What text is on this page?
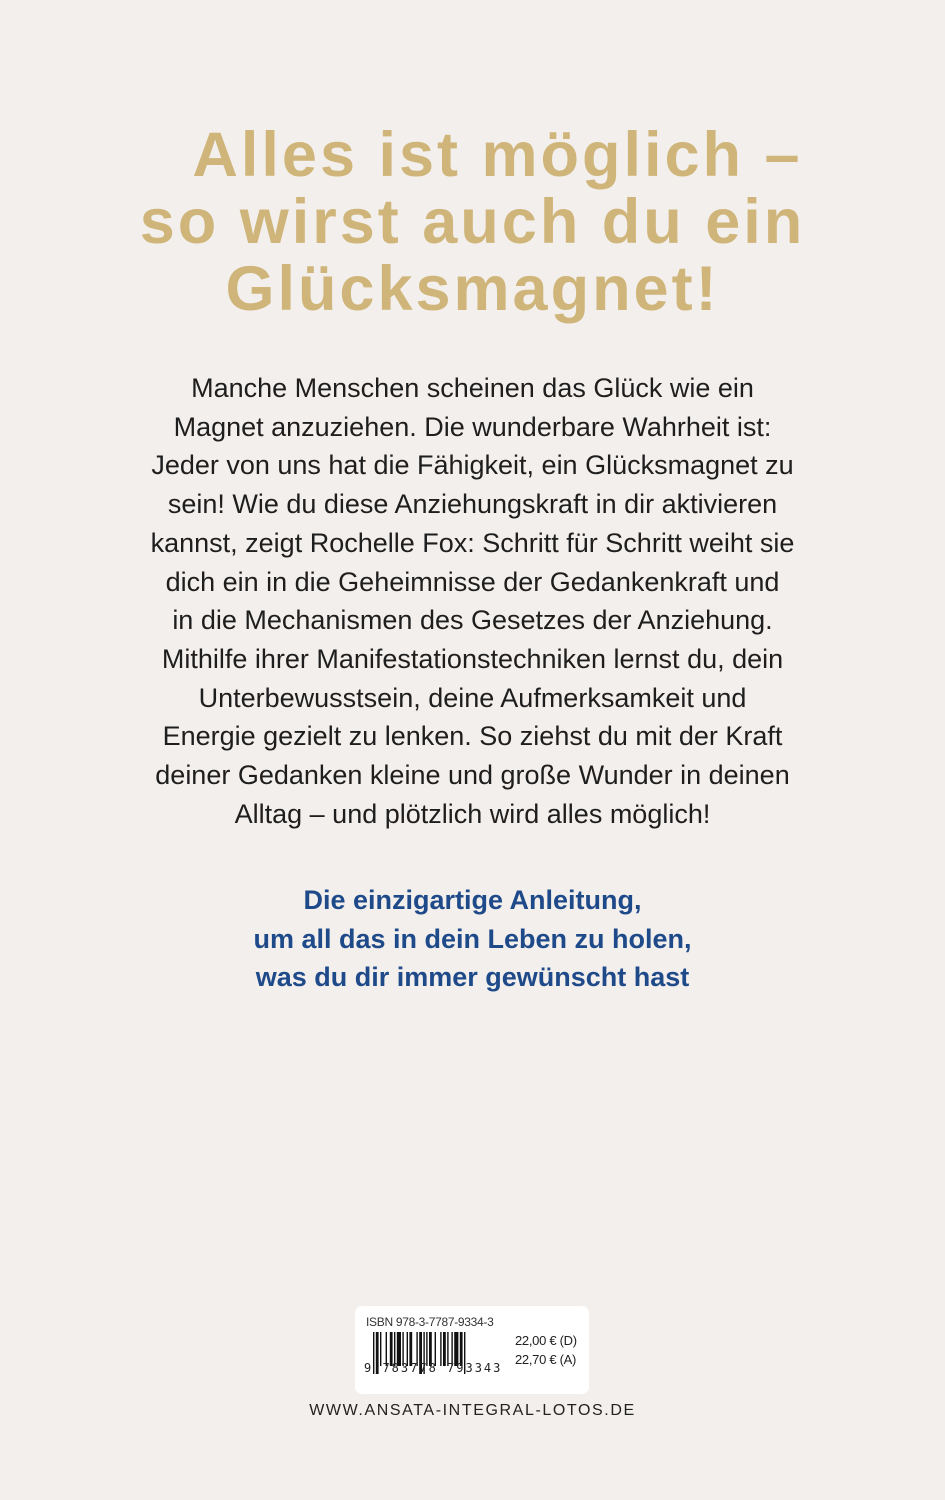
Alles ist möglich –
so wirst auch du ein
Glücksmagnet!
Manche Menschen scheinen das Glück wie ein
Magnet anzuziehen. Die wunderbare Wahrheit ist:
Jeder von uns hat die Fähigkeit, ein Glücksmagnet zu
sein! Wie du diese Anziehungskraft in dir aktivieren
kannst, zeigt Rochelle Fox: Schritt für Schritt weiht sie
dich ein in die Geheimnisse der Gedankenkraft und
in die Mechanismen des Gesetzes der Anziehung.
Mithilfe ihrer Manifestationstechniken lernst du, dein
Unterbewusstsein, deine Aufmerksamkeit und
Energie gezielt zu lenken. So ziehst du mit der Kraft
deiner Gedanken kleine und große Wunder in deinen
Alltag – und plötzlich wird alles möglich!
Die einzigartige Anleitung,
um all das in dein Leben zu holen,
was du dir immer gewünscht hast
ISBN 978-3-7787-9334-3
9 783778 793343
22,00 € (D)
22,70 € (A)
WWW.ANSATA-INTEGRAL-LOTOS.DE
